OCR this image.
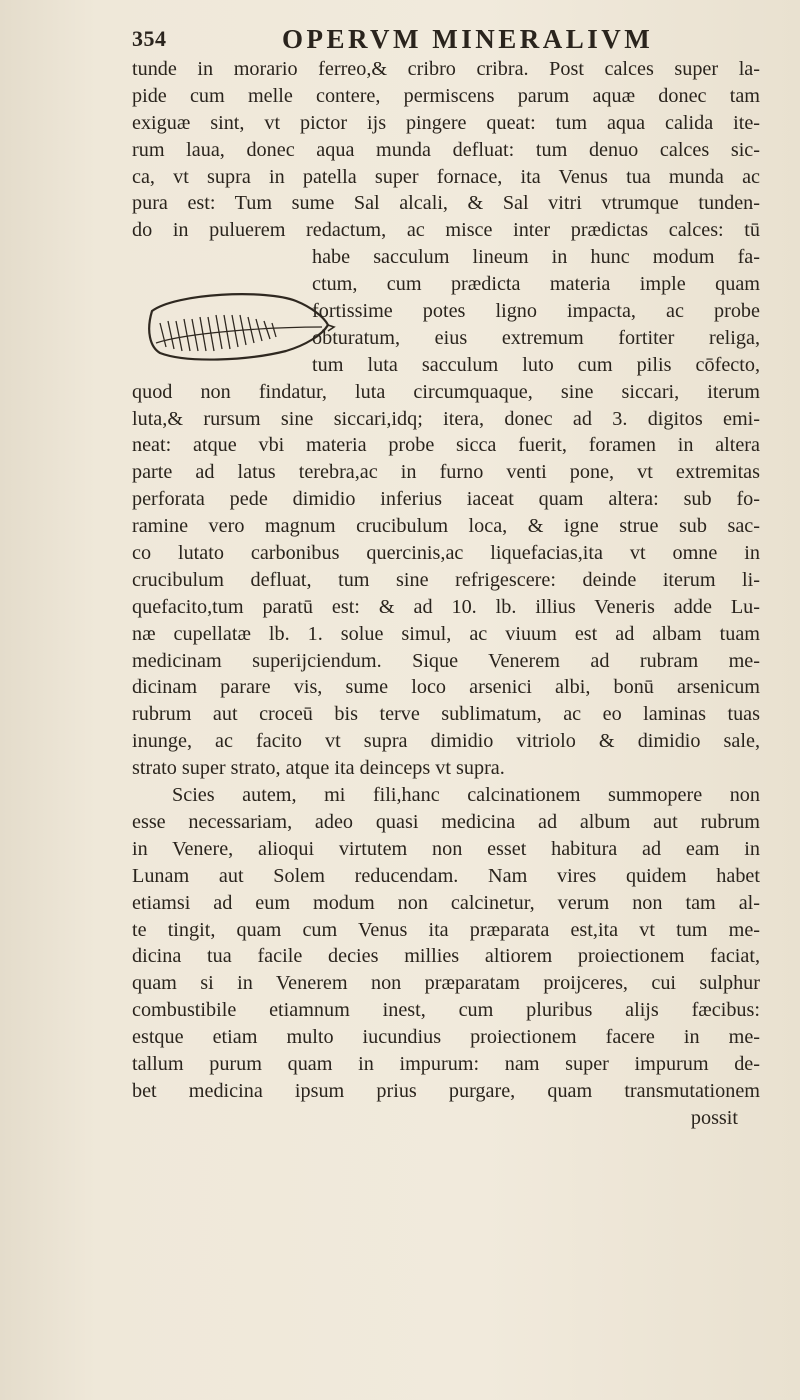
354	OPERVM MINERALIVM
tunde in morario ferreo,& cribro cribra. Post calces super la-
pide cum melle contere, permiscens parum aquæ donec tam
exiguæ sint, vt pictor ijs pingere queat: tum aqua calida ite-
rum laua, donec aqua munda defluat: tum denuo calces sic-
ca, vt supra in patella super fornace, ita Venus tua munda ac
pura est: Tum sume Sal alcali, & Sal vitri vtrumque tunden-
do in puluerem redactum, ac misce inter prædictas calces: tū
habe sacculum lineum in hunc modum fa-
ctum, cum prædicta materia imple quam
fortissime potes ligno impacta, ac probe
obturatum, eius extremum fortiter religa,
tum luta sacculum luto cum pilis cōfecto,
quod non findatur, luta circumquaque, sine siccari, iterum
luta,& rursum sine siccari,idq; itera, donec ad 3. digitos emi-
neat: atque vbi materia probe sicca fuerit, foramen in altera
parte ad latus terebra,ac in furno venti pone, vt extremitas
perforata pede dimidio inferius iaceat quam altera: sub fo-
ramine vero magnum crucibulum loca, & igne strue sub sac-
co lutato carbonibus quercinis,ac liquefacias,ita vt omne in
crucibulum defluat, tum sine refrigescere: deinde iterum li-
quefacito,tum paratū est: & ad 10. lb. illius Veneris adde Lu-
næ cupellatæ lb. 1. solue simul, ac viuum est ad albam tuam
medicinam superijciendum. Sique Venerem ad rubram me-
dicinam parare vis, sume loco arsenici albi, bonū arsenicum
rubrum aut croceū bis terve sublimatum, ac eo laminas tuas
inunge, ac facito vt supra dimidio vitriolo & dimidio sale,
strato super strato, atque ita deinceps vt supra.
Scies autem, mi fili,hanc calcinationem summopere non
esse necessariam, adeo quasi medicina ad album aut rubrum
in Venere, alioqui virtutem non esset habitura ad eam in
Lunam aut Solem reducendam. Nam vires quidem habet
etiamsi ad eum modum non calcinetur, verum non tam al-
te tingit, quam cum Venus ita præparata est,ita vt tum me-
dicina tua facile decies millies altiorem proiectionem faciat,
quam si in Venerem non præparatam proijceres, cui sulphur
combustibile etiamnum inest, cum pluribus alijs fæcibus:
estque etiam multo iucundius proiectionem facere in me-
tallum purum quam in impurum: nam super impurum de-
bet medicina ipsum prius purgare, quam transmutationem
possit
